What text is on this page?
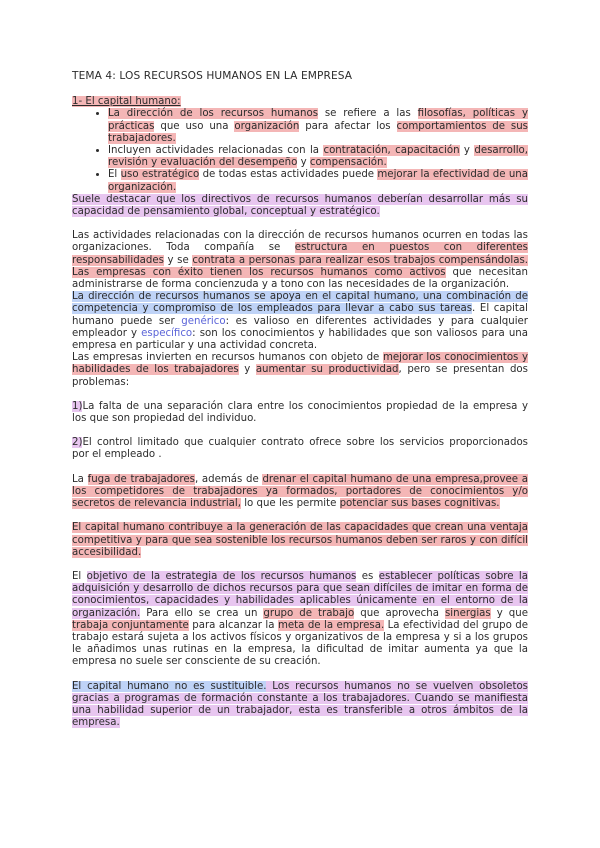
TEMA 4: LOS RECURSOS HUMANOS EN LA EMPRESA
1- El capital humano:
• La dirección de los recursos humanos se refiere a las filosofías, políticas y prácticas que uso una organización para afectar los comportamientos de sus trabajadores.
• Incluyen actividades relacionadas con la contratación, capacitación y desarrollo, revisión y evaluación del desempeño y compensación.
• El uso estratégico de todas estas actividades puede mejorar la efectividad de una organización.
Suele destacar que los directivos de recursos humanos deberían desarrollar más su capacidad de pensamiento global, conceptual y estratégico.
Las actividades relacionadas con la dirección de recursos humanos ocurren en todas las organizaciones. Toda compañía se estructura en puestos con diferentes responsabilidades y se contrata a personas para realizar esos trabajos compensándolas. Las empresas con éxito tienen los recursos humanos como activos que necesitan administrarse de forma concienzuda y a tono con las necesidades de la organización.
La dirección de recursos humanos se apoya en el capital humano, una combinación de competencia y compromiso de los empleados para llevar a cabo sus tareas. El capital humano puede ser genérico: es valioso en diferentes actividades y para cualquier empleador y específico: son los conocimientos y habilidades que son valiosos para una empresa en particular y una actividad concreta.
Las empresas invierten en recursos humanos con objeto de mejorar los conocimientos y habilidades de los trabajadores y aumentar su productividad, pero se presentan dos problemas:
1)La falta de una separación clara entre los conocimientos propiedad de la empresa y los que son propiedad del individuo.
2)El control limitado que cualquier contrato ofrece sobre los servicios proporcionados por el empleado .
La fuga de trabajadores, además de drenar el capital humano de una empresa,provee a los competidores de trabajadores ya formados, portadores de conocimientos y/o secretos de relevancia industrial, lo que les permite potenciar sus bases cognitivas.
El capital humano contribuye a la generación de las capacidades que crean una ventaja competitiva y para que sea sostenible los recursos humanos deben ser raros y con difícil accesibilidad.
El objetivo de la estrategia de los recursos humanos es establecer políticas sobre la adquisición y desarrollo de dichos recursos para que sean difíciles de imitar en forma de conocimientos, capacidades y habilidades aplicables únicamente en el entorno de la organización. Para ello se crea un grupo de trabajo que aprovecha sinergias y que trabaja conjuntamente para alcanzar la meta de la empresa. La efectividad del grupo de trabajo estará sujeta a los activos físicos y organizativos de la empresa y si a los grupos le añadimos unas rutinas en la empresa, la dificultad de imitar aumenta ya que la empresa no suele ser consciente de su creación.
El capital humano no es sustituible. Los recursos humanos no se vuelven obsoletos gracias a programas de formación constante a los trabajadores. Cuando se manifiesta una habilidad superior de un trabajador, esta es transferible a otros ámbitos de la empresa.
